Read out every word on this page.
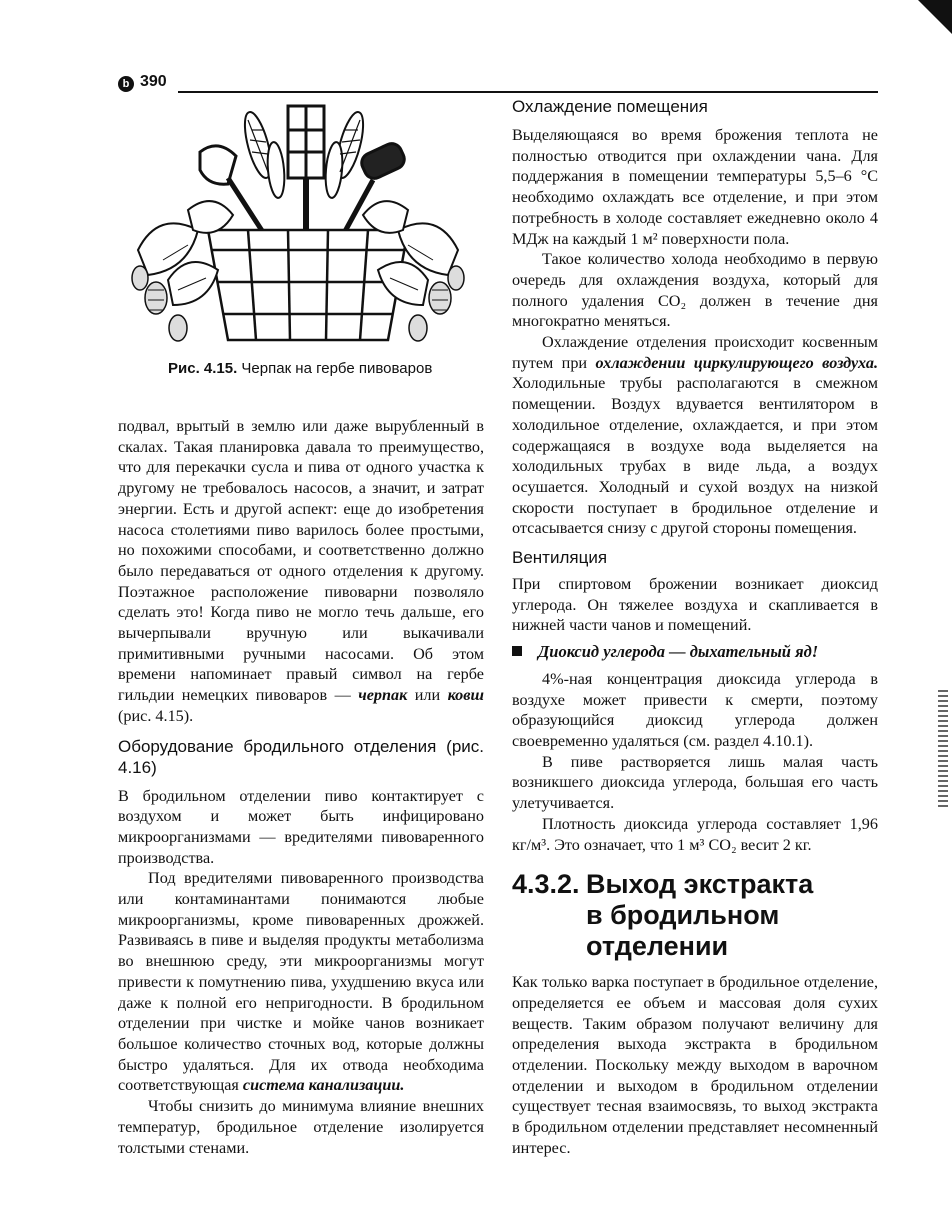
b 390
Рис. 4.15. Черпак на гербе пивоваров

подвал, врытый в землю или даже вырубленный в скалах. Такая планировка давала то преимущество, что для перекачки сусла и пива от одного участка к другому не требовалось насосов, а значит, и затрат энергии. Есть и другой аспект: еще до изобретения насоса столетиями пиво варилось более простыми, но похожими способами, и соответственно должно было передаваться от одного отделения к другому. Поэтажное расположение пивоварни позволяло сделать это! Когда пиво не могло течь дальше, его вычерпывали вручную или выкачивали примитивными ручными насосами. Об этом времени напоминает правый символ на гербе гильдии немецких пивоваров — черпак или ковш (рис. 4.15).

Оборудование бродильного отделения (рис. 4.16)

В бродильном отделении пиво контактирует с воздухом и может быть инфицировано микроорганизмами — вредителями пивоваренного производства.

Под вредителями пивоваренного производства или контаминантами понимаются любые микроорганизмы, кроме пивоваренных дрожжей. Развиваясь в пиве и выделяя продукты метаболизма во внешнюю среду, эти микроорганизмы могут привести к помутнению пива, ухудшению вкуса или даже к полной его непригодности. В бродильном отделении при чистке и мойке чанов возникает большое количество сточных вод, которые должны быстро удаляться. Для их отвода необходима соответствующая система канализации.

Чтобы снизить до минимума влияние внешних температур, бродильное отделение изолируется толстыми стенами.

Охлаждение помещения

Выделяющаяся во время брожения теплота не полностью отводится при охлаждении чана. Для поддержания в помещении температуры 5,5–6 °С необходимо охлаждать все отделение, и при этом потребность в холоде составляет ежедневно около 4 МДж на каждый 1 м² поверхности пола.

Такое количество холода необходимо в первую очередь для охлаждения воздуха, который для полного удаления CO₂ должен в течение дня многократно меняться.

Охлаждение отделения происходит косвенным путем при охлаждении циркулирующего воздуха. Холодильные трубы располагаются в смежном помещении. Воздух вдувается вентилятором в холодильное отделение, охлаждается, и при этом содержащаяся в воздухе вода выделяется на холодильных трубах в виде льда, а воздух осушается. Холодный и сухой воздух на низкой скорости поступает в бродильное отделение и отсасывается снизу с другой стороны помещения.

Вентиляция

При спиртовом брожении возникает диоксид углерода. Он тяжелее воздуха и скапливается в нижней части чанов и помещений.

Диоксид углерода — дыхательный яд!

4%-ная концентрация диоксида углерода в воздухе может привести к смерти, поэтому образующийся диоксид углерода должен своевременно удаляться (см. раздел 4.10.1).

В пиве растворяется лишь малая часть возникшего диоксида углерода, большая его часть улетучивается.

Плотность диоксида углерода составляет 1,96 кг/м³. Это означает, что 1 м³ CO₂ весит 2 кг.

4.3.2. Выход экстракта в бродильном отделении

Как только варка поступает в бродильное отделение, определяется ее объем и массовая доля сухих веществ. Таким образом получают величину для определения выхода экстракта в бродильном отделении. Поскольку между выходом в варочном отделении и выходом в бродильном отделении существует тесная взаимосвязь, то выход экстракта в бродильном отделении представляет несомненный интерес.
